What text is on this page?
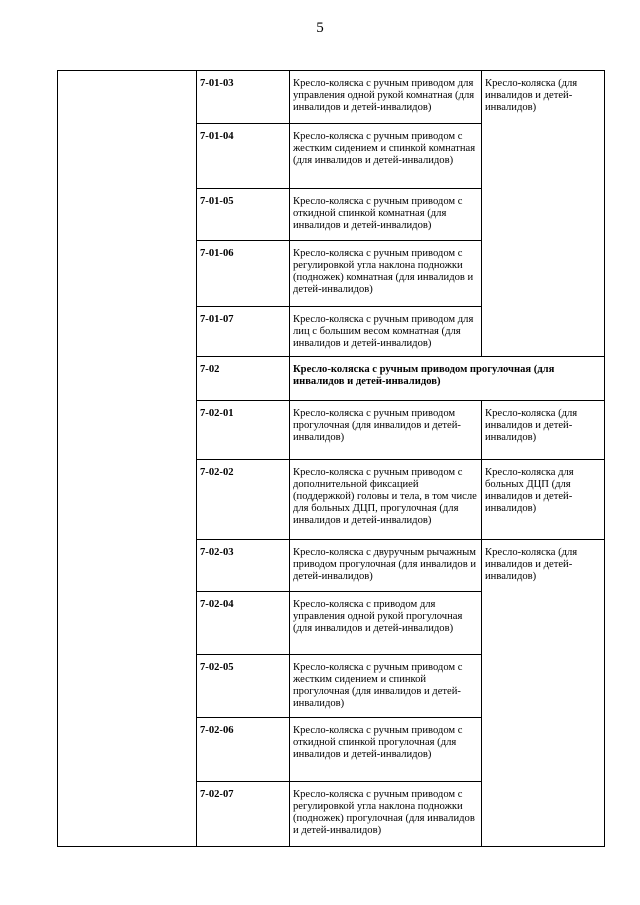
5
	7-01-03	Кресло-коляска с ручным приводом для управления одной рукой комнатная (для инвалидов и детей-инвалидов)	Кресло-коляска (для инвалидов и детей-инвалидов)
	7-01-04	Кресло-коляска с ручным приводом с жестким сидением и спинкой комнатная (для инвалидов и детей-инвалидов)	
	7-01-05	Кресло-коляска с ручным приводом с откидной спинкой комнатная (для инвалидов и детей-инвалидов)	
	7-01-06	Кресло-коляска с ручным приводом с регулировкой угла наклона подножки (подножек) комнатная (для инвалидов и детей-инвалидов)	
	7-01-07	Кресло-коляска с ручным приводом для лиц с большим весом комнатная (для инвалидов и детей-инвалидов)	
	7-02	Кресло-коляска с ручным приводом прогулочная (для инвалидов и детей-инвалидов)	
	7-02-01	Кресло-коляска с ручным приводом прогулочная (для инвалидов и детей-инвалидов)	Кресло-коляска (для инвалидов и детей-инвалидов)
	7-02-02	Кресло-коляска с ручным приводом с дополнительной фиксацией (поддержкой) головы и тела, в том числе для больных ДЦП, прогулочная (для инвалидов и детей-инвалидов)	Кресло-коляска для больных ДЦП (для инвалидов и детей-инвалидов)
	7-02-03	Кресло-коляска с двуручным рычажным приводом прогулочная (для инвалидов и детей-инвалидов)	Кресло-коляска (для инвалидов и детей-инвалидов)
	7-02-04	Кресло-коляска с приводом для управления одной рукой прогулочная (для инвалидов и детей-инвалидов)	
	7-02-05	Кресло-коляска с ручным приводом с жестким сидением и спинкой прогулочная (для инвалидов и детей-инвалидов)	
	7-02-06	Кресло-коляска с ручным приводом с откидной спинкой прогулочная (для инвалидов и детей-инвалидов)	
	7-02-07	Кресло-коляска с ручным приводом с регулировкой угла наклона подножки (подножек) прогулочная (для инвалидов и детей-инвалидов)	
